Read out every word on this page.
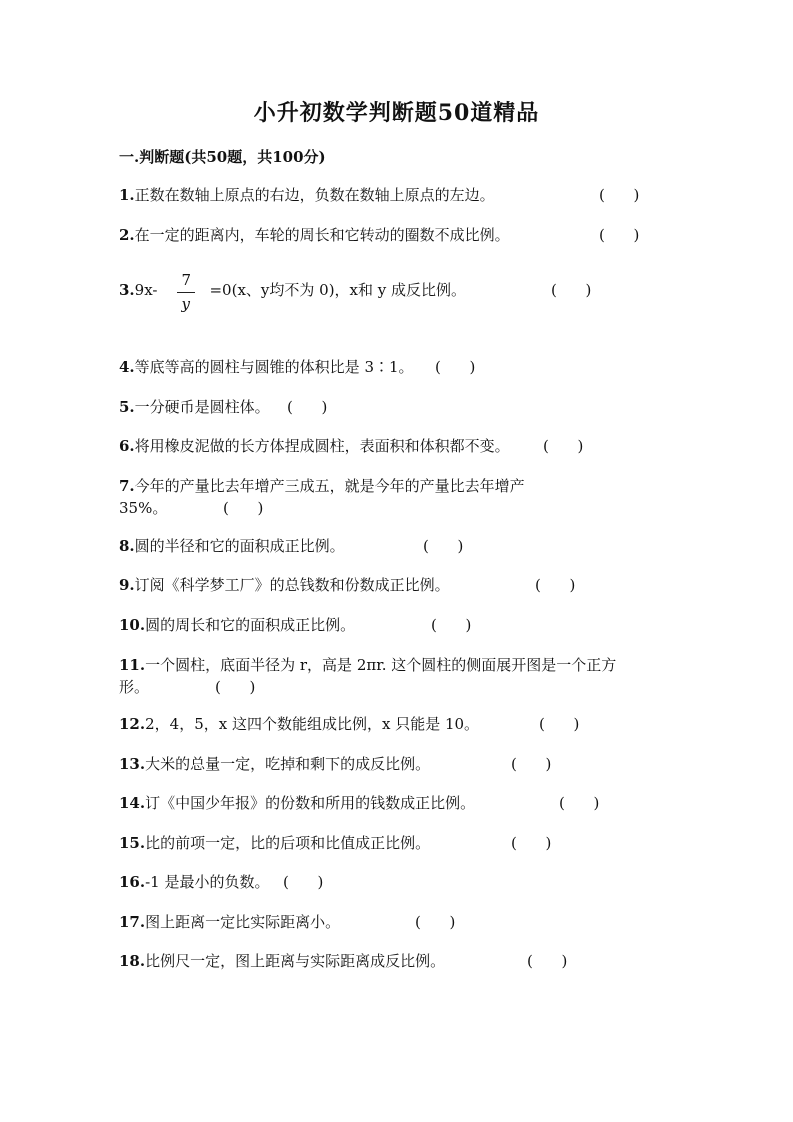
小升初数学判断题50道精品
一.判断题(共50题，共100分)
1.正数在数轴上原点的右边，负数在数轴上原点的左边。	(      )
2.在一定的距离内，车轮的周长和它转动的圈数不成比例。	(      )
$3.9x- \frac{7}{y} =0(x$、y均不为 0)，x和 y 成反比例。	(      )
4.等底等高的圆柱与圆锥的体积比是 3∶1。 (      )
5.一分硬币是圆柱体。 (      )
6.将用橡皮泥做的长方体捏成圆柱，表面积和体积都不变。 (      )
7.今年的产量比去年增产三成五，就是今年的产量比去年增产
35%。	(      )
8.圆的半径和它的面积成正比例。	(      )
9.订阅《科学梦工厂》的总钱数和份数成正比例。	(      )
10.圆的周长和它的面积成正比例。	(      )
11.一个圆柱，底面半径为 r，高是 2πr. 这个圆柱的侧面展开图是一个正方
形。	(      )
12.2，4，5，x 这四个数能组成比例，x 只能是 10。	(      )
13.大米的总量一定，吃掉和剩下的成反比例。	(      )
14.订《中国少年报》的份数和所用的钱数成正比例。	(      )
15.比的前项一定，比的后项和比值成正比例。	(      )
16.-1 是最小的负数。 (      )
17.图上距离一定比实际距离小。	(      )
18.比例尺一定，图上距离与实际距离成反比例。	(      )
